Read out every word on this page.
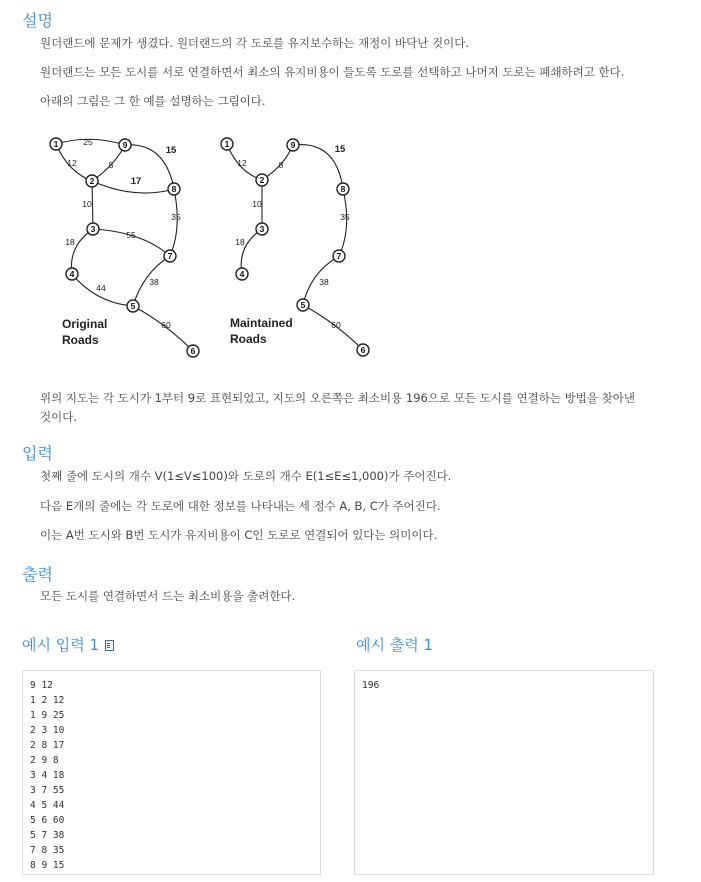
설명

원더랜드에 문제가 생겼다. 원더랜드의 각 도로를 유지보수하는 재정이 바닥난 것이다.

원더랜드는 모든 도시를 서로 연결하면서 최소의 유지비용이 들도록 도로를 선택하고 나머지 도로는 폐쇄하려고 한다.

아래의 그림은 그 한 예를 설명하는 그림이다.

25
12	8
15
17
10
18
55
35
44
38
60
12	8
15
10
18
35
38
60
1	9
2
8
3
4
7
5
6
1	9
2
8
3
4
7
5
6
Original
Roads
Maintained
Roads

위의 지도는 각 도시가 1부터 9로 표현되었고, 지도의 오른쪽은 최소비용 196으로 모든 도시를 연결하는 방법을 찾아낸

것이다.

입력

첫째 줄에 도시의 개수 V(1≤V≤100)와 도로의 개수 E(1≤E≤1,000)가 주어진다.

다음 E개의 줄에는 각 도로에 대한 정보를 나타내는 세 정수 A, B, C가 주어진다.

이는 A번 도시와 B번 도시가 유지비용이 C인 도로로 연결되어 있다는 의미이다.

출력

모든 도시를 연결하면서 드는 최소비용을 출려한다.

예시 입력 1
9 12
1 2 12
1 9 25
2 3 10
2 8 17
2 9 8
3 4 18
3 7 55
4 5 44
5 6 60
5 7 38
7 8 35
8 9 15
예시 출력 1
196
